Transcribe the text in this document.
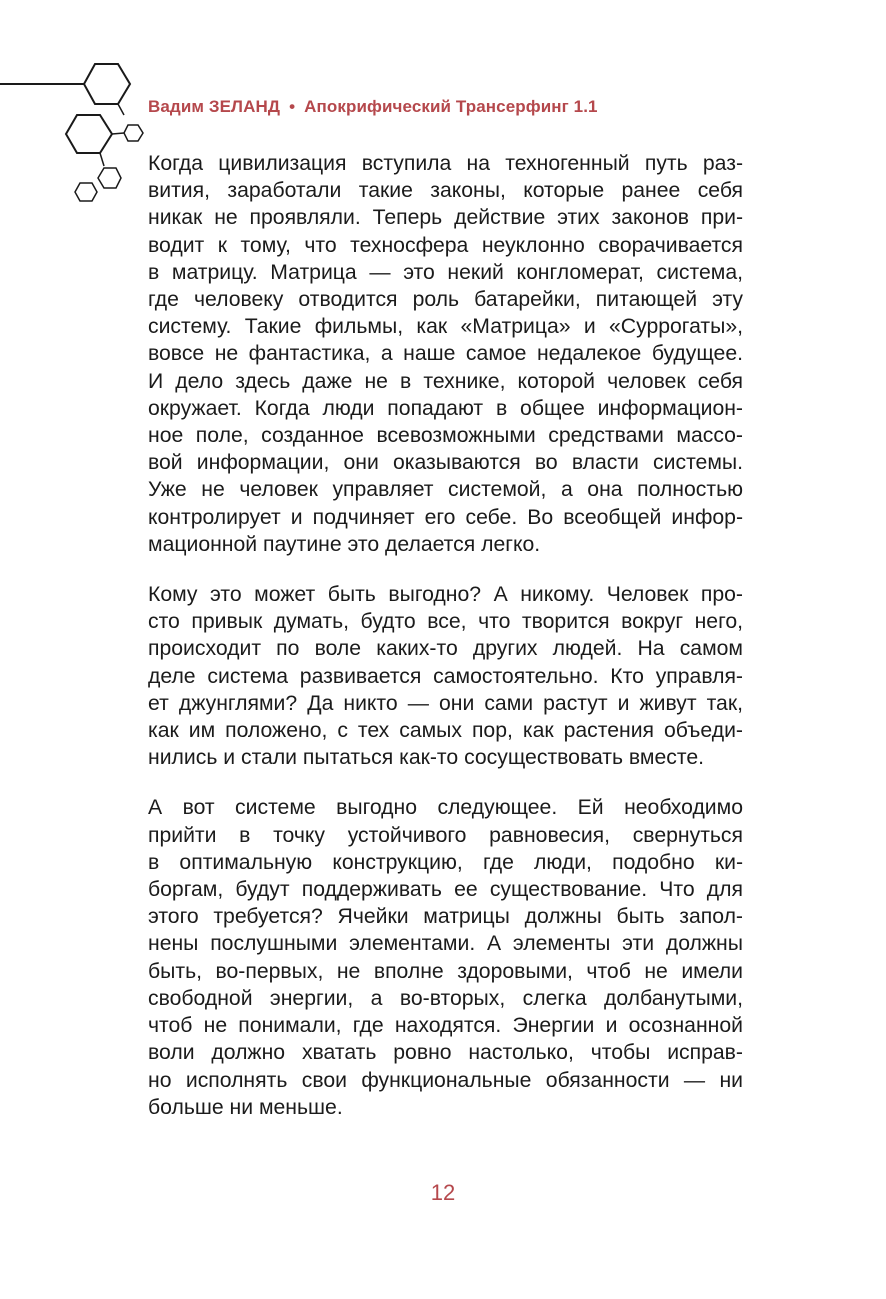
Вадим ЗЕЛАНД • Апокрифический Трансерфинг 1.1
Когда цивилизация вступила на техногенный путь раз-
вития, заработали такие законы, которые ранее себя
никак не проявляли. Теперь действие этих законов при-
водит к тому, что техносфера неуклонно сворачивается
в матрицу. Матрица — это некий конгломерат, система,
где человеку отводится роль батарейки, питающей эту
систему. Такие фильмы, как «Матрица» и «Суррогаты»,
вовсе не фантастика, а наше самое недалекое будущее.
И дело здесь даже не в технике, которой человек себя
окружает. Когда люди попадают в общее информацион-
ное поле, созданное всевозможными средствами массо-
вой информации, они оказываются во власти системы.
Уже не человек управляет системой, а она полностью
контролирует и подчиняет его себе. Во всеобщей инфор-
мационной паутине это делается легко.
Кому это может быть выгодно? А никому. Человек про-
сто привык думать, будто все, что творится вокруг него,
происходит по воле каких-то других людей. На самом
деле система развивается самостоятельно. Кто управля-
ет джунглями? Да никто — они сами растут и живут так,
как им положено, с тех самых пор, как растения объеди-
нились и стали пытаться как-то сосуществовать вместе.
А вот системе выгодно следующее. Ей необходимо
прийти в точку устойчивого равновесия, свернуться
в оптимальную конструкцию, где люди, подобно ки-
боргам, будут поддерживать ее существование. Что для
этого требуется? Ячейки матрицы должны быть запол-
нены послушными элементами. А элементы эти должны
быть, во-первых, не вполне здоровыми, чтоб не имели
свободной энергии, а во-вторых, слегка долбанутыми,
чтоб не понимали, где находятся. Энергии и осознанной
воли должно хватать ровно настолько, чтобы исправ-
но исполнять свои функциональные обязанности — ни
больше ни меньше.
12
